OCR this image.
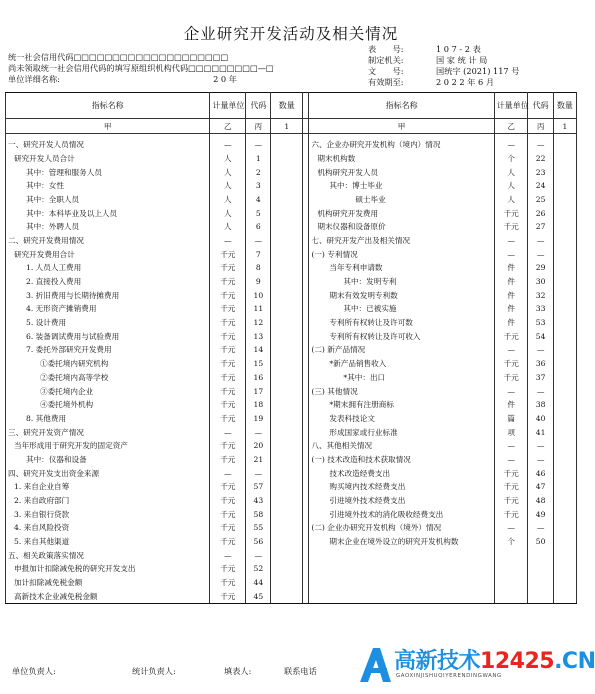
企业研究开发活动及相关情况
统一社会信用代码□□□□□□□□□□□□□□□□□□□□
尚未领取统一社会信用代码的填写原组织机构代码□□□□□□□□□—□
单位详细名称:	2 0 年
表　　号:	1 0 7 - 2 表
制定机关:	国 家 统 计 局
文　　号:	国统字 (2021) 117 号
有效期至:	2 0 2 2 年 6 月
指标名称	计量单位	代码	数量		指标名称	计量单位	代码	数量
甲	乙	丙	1		甲	乙	丙	1
一、研究开发人员情况	—	—			六、企业办研究开发机构（境内）情况	—	—	
研究开发人员合计	人	1			期末机构数	个	22	
其中：管理和服务人员	人	2			机构研究开发人员	人	23	
其中：女性	人	3			其中：博士毕业	人	24	
其中：全职人员	人	4			硕士毕业	人	25	
其中：本科毕业及以上人员	人	5			机构研究开发费用	千元	26	
其中：外聘人员	人	6			期末仪器和设备原价	千元	27	
二、研究开发费用情况	—	—			七、研究开发产出及相关情况	—	—	
研究开发费用合计	千元	7			(一) 专利情况	—	—	
1. 人员人工费用	千元	8			当年专利申请数	件	29	
2. 直接投入费用	千元	9			其中：发明专利	件	30	
3. 折旧费用与长期待摊费用	千元	10			期末有效发明专利数	件	32	
4. 无形资产摊销费用	千元	11			其中：已被实施	件	33	
5. 设计费用	千元	12			专利所有权转让及许可数	件	53	
6. 装备调试费用与试验费用	千元	13			专利所有权转让及许可收入	千元	54	
7. 委托外部研究开发费用	千元	14			(二) 新产品情况	—	—	
①委托境内研究机构	千元	15			*新产品销售收入	千元	36	
②委托境内高等学校	千元	16			*其中：出口	千元	37	
③委托境内企业	千元	17			(三) 其他情况	—	—	
④委托境外机构	千元	18			*期末拥有注册商标	件	38	
8. 其他费用	千元	19			发表科技论文	篇	40	
三、研究开发资产情况	—	—			形成国家或行业标准	项	41	
当年形成用于研究开发的固定资产	千元	20			八、其他相关情况	—	—	
其中：仪器和设备	千元	21			(一) 技术改造和技术获取情况	—	—	
四、研究开发支出资金来源	—	—			技术改造经费支出	千元	46	
1. 来自企业自筹	千元	57			购买境内技术经费支出	千元	47	
2. 来自政府部门	千元	43			引进境外技术经费支出	千元	48	
3. 来自银行贷款	千元	58			引进境外技术的消化吸收经费支出	千元	49	
4. 来自风险投资	千元	55			(二) 企业办研究开发机构（境外）情况	—	—	
5. 来自其他渠道	千元	56			期末企业在境外设立的研究开发机构数	个	50	
五、相关政策落实情况	—	—						
申报加计扣除减免税的研究开发支出	千元	52						
加计扣除减免税金额	千元	44						
高新技术企业减免税金额	千元	45						
单位负责人:	统计负责人:	填表人:	联系电话	高新技术12425.CN
GAOXINJISHUQIYERENDINGWANG
